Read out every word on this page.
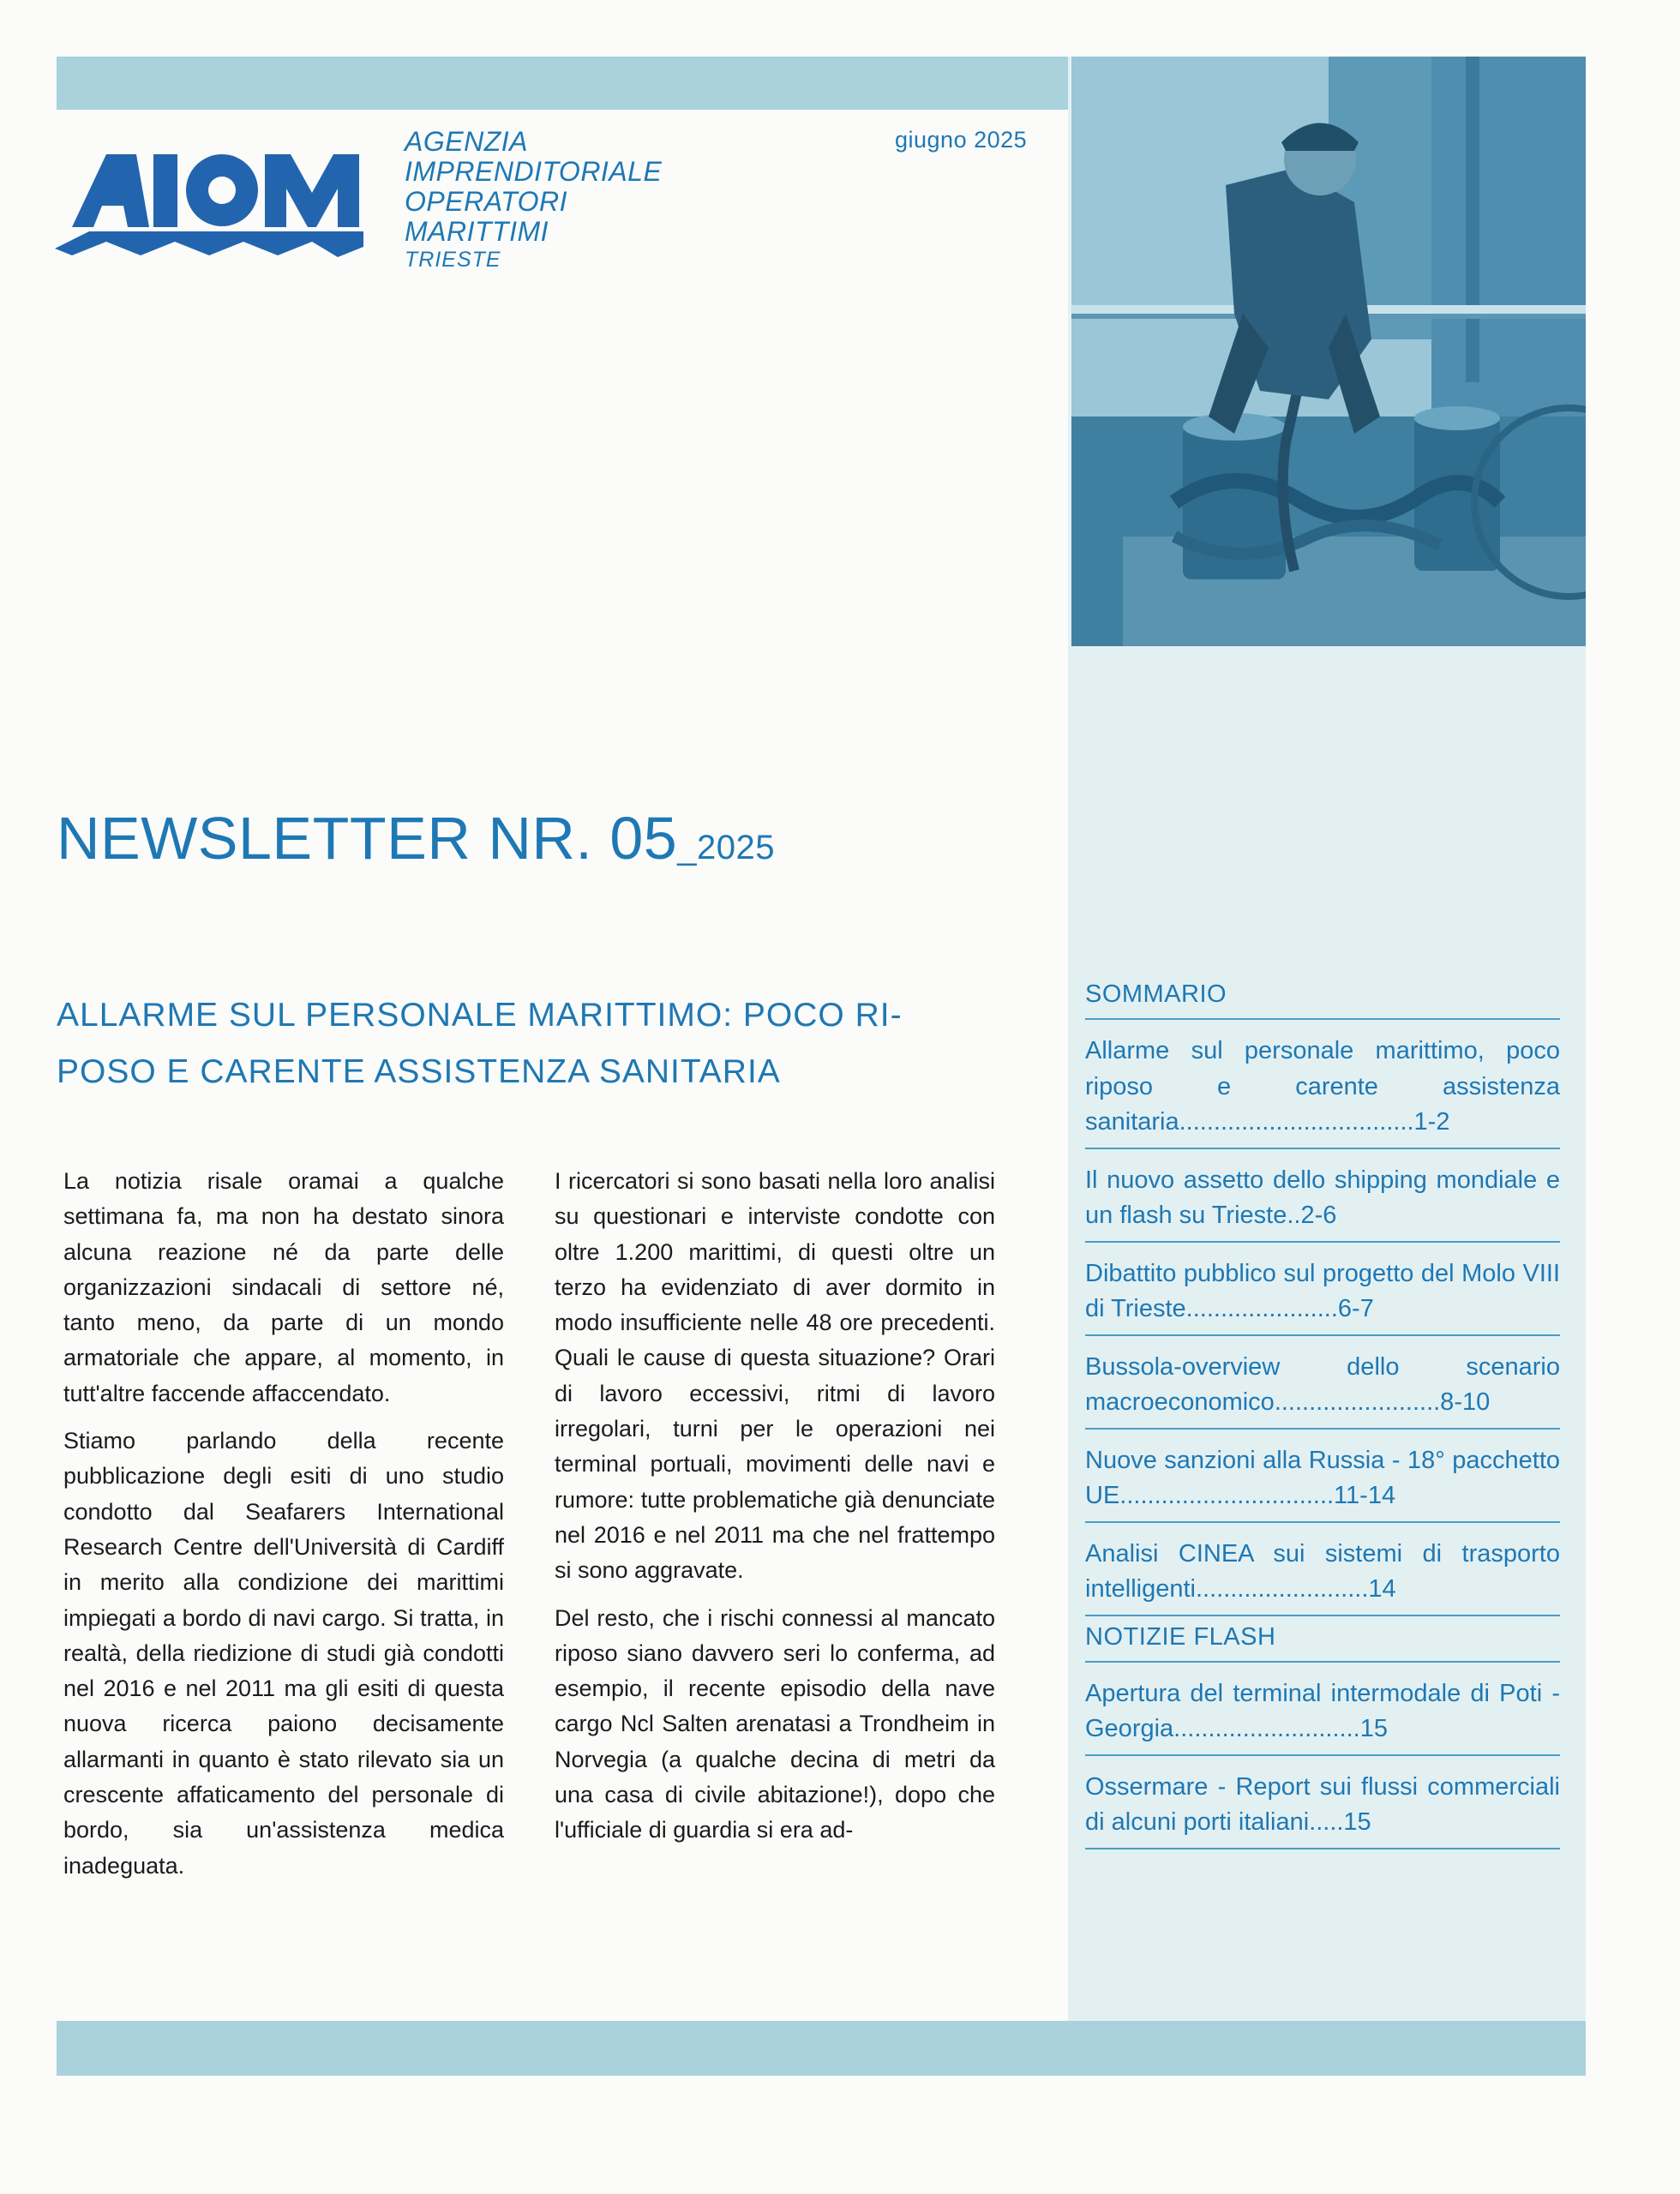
AGENZIA
IMPRENDITORIALE
OPERATORI
MARITTIMI
TRIESTE
giugno 2025
NEWSLETTER NR. 05_2025
ALLARME SUL PERSONALE MARITTIMO: POCO RI-
POSO E CARENTE ASSISTENZA SANITARIA

La notizia risale oramai a qualche settimana fa, ma non ha destato sinora alcuna reazione né da parte delle organizzazioni sindacali di settore né, tanto meno, da parte di un mondo armatoriale che appare, al momento, in tutt'altre faccende affaccendato.

Stiamo parlando della recente pubblicazione degli esiti di uno studio condotto dal Seafarers International Research Centre dell'Università di Cardiff in merito alla condizione dei marittimi impiegati a bordo di navi cargo. Si tratta, in realtà, della riedizione di studi già condotti nel 2016 e nel 2011 ma gli esiti di questa nuova ricerca paiono decisamente allarmanti in quanto è stato rilevato sia un crescente affaticamento del personale di bordo, sia un'assistenza medica inadeguata.

I ricercatori si sono basati nella loro analisi su questionari e interviste condotte con oltre 1.200 marittimi, di questi oltre un terzo ha evidenziato di aver dormito in modo insufficiente nelle 48 ore precedenti. Quali le cause di questa situazione? Orari di lavoro eccessivi, ritmi di lavoro irregolari, turni per le operazioni nei terminal portuali, movimenti delle navi e rumore: tutte problematiche già denunciate nel 2016 e nel 2011 ma che nel frattempo si sono aggravate.

Del resto, che i rischi connessi al mancato riposo siano davvero seri lo conferma, ad esempio, il recente episodio della nave cargo Ncl Salten arenatasi a Trondheim in Norvegia (a qualche decina di metri da una casa di civile abitazione!), dopo che l'ufficiale di guardia si era ad-

SOMMARIO
Allarme sul personale marittimo, poco riposo e carente assistenza sanitaria..................................1-2
Il nuovo assetto dello shipping mondiale e un flash su Trieste..2-6
Dibattito pubblico sul progetto del Molo VIII di Trieste......................6-7
Bussola-overview dello scenario macroeconomico........................8-10
Nuove sanzioni alla Russia - 18° pacchetto UE...............................11-14
Analisi CINEA sui sistemi di trasporto intelligenti.........................14
NOTIZIE FLASH
Apertura del terminal intermodale di Poti - Georgia...........................15
Ossermare - Report sui flussi commerciali di alcuni porti italiani.....15
